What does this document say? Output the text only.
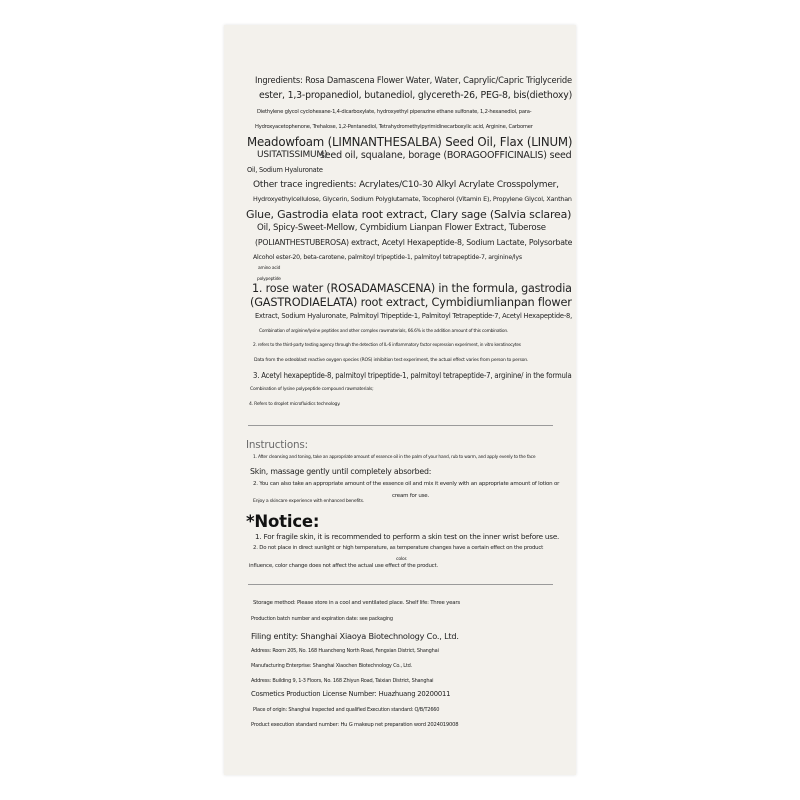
Ingredients: Rosa Damascena Flower Water, Water, Caprylic/Capric Triglyceride
ester, 1,3-propanediol, butanediol, glycereth-26, PEG-8, bis(diethoxy)
Diethylene glycol cyclohexane-1,4-dicarboxylate, hydroxyethyl piperazine ethane sulfonate, 1,2-hexanediol, para-
Hydroxyacetophenone, Trehalose, 1,2-Pentanediol, Tetrahydromethylpyrimidinecarboxylic acid, Arginine, Carbomer
Meadowfoam (LIMNANTHESALBA) Seed Oil, Flax (LINUM)
USITATISSIMUM)
seed oil, squalane, borage (BORAGOOFFICINALIS) seed
Oil, Sodium Hyaluronate
Other trace ingredients: Acrylates/C10-30 Alkyl Acrylate Crosspolymer,
Hydroxyethylcellulose, Glycerin, Sodium Polyglutamate, Tocopherol (Vitamin E), Propylene Glycol, Xanthan
Glue, Gastrodia elata root extract, Clary sage (Salvia sclarea)
Oil, Spicy-Sweet-Mellow, Cymbidium Lianpan Flower Extract, Tuberose
(POLIANTHESTUBEROSA) extract, Acetyl Hexapeptide-8, Sodium Lactate, Polysorbate
Alcohol ester-20, beta-carotene, palmitoyl tripeptide-1, palmitoyl tetrapeptide-7, arginine/lys
amino acid
polypeptide
1. rose water (ROSADAMASCENA) in the formula, gastrodia
(GASTRODIAELATA) root extract, Cymbidiumlianpan flower
Extract, Sodium Hyaluronate, Palmitoyl Tripeptide-1, Palmitoyl Tetrapeptide-7, Acetyl Hexapeptide-8,
Combination of arginine/lysine peptides and other complex rawmaterials, 66.6% is the addition amount of this combination.
2. refers to the third-party testing agency through the detection of IL-6 inflammatory factor expression experiment, in vitro keratinocytes
Data from the osteoblast reactive oxygen species (ROS) inhibition test experiment, the actual effect varies from person to person.
3. Acetyl hexapeptide-8, palmitoyl tripeptide-1, palmitoyl tetrapeptide-7, arginine/ in the formula
Combination of lysine polypeptide compound rawmaterials;
4. Refers to droplet microfluidics technology.
Instructions:
1. After cleansing and toning, take an appropriate amount of essence oil in the palm of your hand, rub to warm, and apply evenly to the face
Skin, massage gently until completely absorbed:
2. You can also take an appropriate amount of the essence oil and mix it evenly with an appropriate amount of lotion or
cream for use.
Enjoy a skincare experience with enhanced benefits.
*Notice:
1. For fragile skin, it is recommended to perform a skin test on the inner wrist before use.
2. Do not place in direct sunlight or high temperature, as temperature changes have a certain effect on the product
color.
influence, color change does not affect the actual use effect of the product.
Storage method: Please store in a cool and ventilated place. Shelf life: Three years
Production batch number and expiration date: see packaging
Filing entity: Shanghai Xiaoya Biotechnology Co., Ltd.
Address: Room 205, No. 168 Huancheng North Road, Fengxian District, Shanghai
Manufacturing Enterprise: Shanghai Xiaochen Biotechnology Co., Ltd.
Address: Building 9, 1-3 Floors, No. 168 Zhiyun Road, Taixian District, Shanghai
Cosmetics Production License Number: Huazhuang 20200011
Place of origin: Shanghai Inspected and qualified Execution standard: Q/B/T2660
Product execution standard number: Hu G makeup net preparation word 2024019008
